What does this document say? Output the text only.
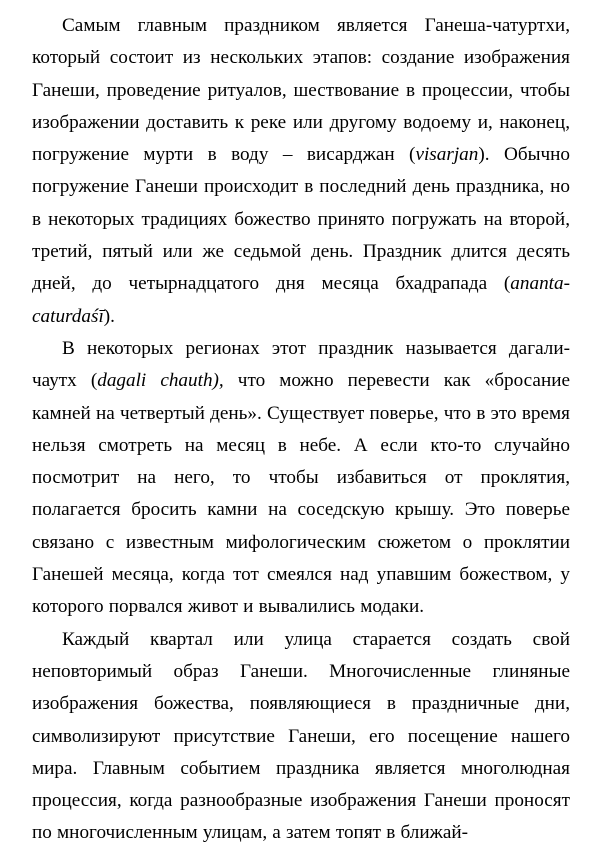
Самым главным праздником является Ганеша-чатуртхи, который состоит из нескольких этапов: создание изображения Ганеши, проведение ритуалов, шествование в процессии, чтобы изображении доставить к реке или другому водоему и, наконец, погружение мурти в воду – висарджан (visarjan). Обычно погружение Ганеши происходит в последний день праздника, но в некоторых традициях божество принято погружать на второй, третий, пятый или же седьмой день. Праздник длится десять дней, до четырнадцатого дня месяца бхадрапада (ananta-caturdaśī).

В некоторых регионах этот праздник называется дагали-чаутх (dagali chauth), что можно перевести как «бросание камней на четвертый день». Существует поверье, что в это время нельзя смотреть на месяц в небе. А если кто-то случайно посмотрит на него, то чтобы избавиться от проклятия, полагается бросить камни на соседскую крышу. Это поверье связано с известным мифологическим сюжетом о проклятии Ганешей месяца, когда тот смеялся над упавшим божеством, у которого порвался живот и вывалились модаки.

Каждый квартал или улица старается создать свой неповторимый образ Ганеши. Многочисленные глиняные изображения божества, появляющиеся в праздничные дни, символизируют присутствие Ганеши, его посещение нашего мира. Главным событием праздника является многолюдная процессия, когда разнообразные изображения Ганеши проносят по многочисленным улицам, а затем топят в ближай-
